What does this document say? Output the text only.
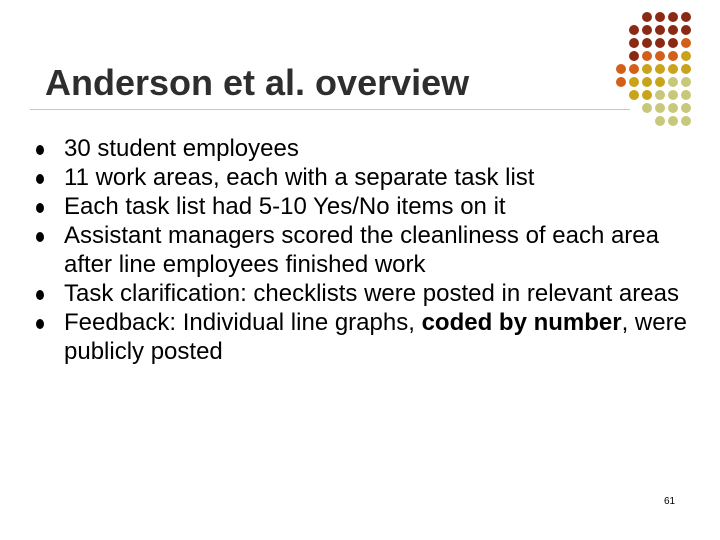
Anderson et al. overview
30 student employees
11 work areas, each with a separate task list
Each task list had 5-10 Yes/No items on it
Assistant managers scored the cleanliness of each area after line employees finished work
Task clarification: checklists were posted in relevant areas
Feedback: Individual line graphs, coded by number, were publicly posted
61
